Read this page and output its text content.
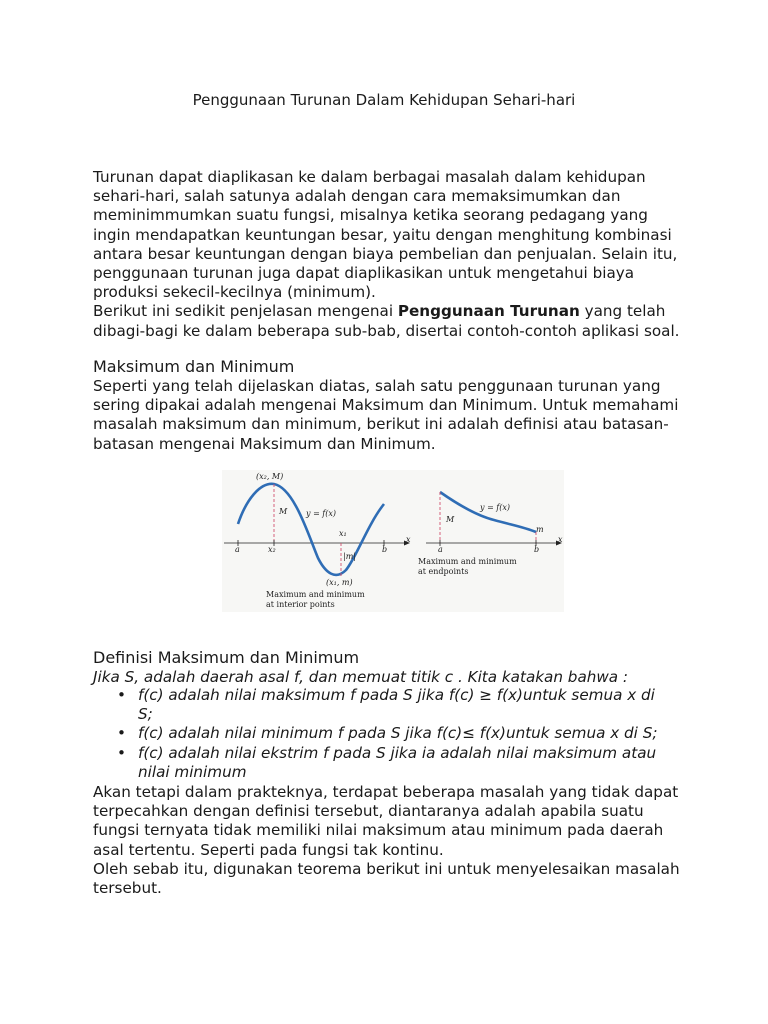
Penggunaan Turunan Dalam Kehidupan Sehari-hari

Turunan dapat diaplikasan ke dalam berbagai masalah dalam kehidupan

sehari-hari, salah satunya adalah dengan cara memaksimumkan dan

meminimmumkan suatu fungsi, misalnya ketika seorang pedagang yang

ingin mendapatkan keuntungan besar, yaitu dengan menghitung kombinasi

antara besar keuntungan dengan biaya pembelian dan penjualan. Selain itu,

penggunaan turunan juga dapat diaplikasikan untuk mengetahui biaya

produksi sekecil-kecilnya (minimum).

Berikut ini sedikit penjelasan mengenai Penggunaan Turunan yang telah

dibagi-bagi ke dalam beberapa sub-bab, disertai contoh-contoh aplikasi soal.

Maksimum dan Minimum

Seperti yang telah dijelaskan diatas, salah satu penggunaan turunan yang

sering dipakai adalah mengenai Maksimum dan Minimum. Untuk memahami

masalah maksimum dan minimum, berikut ini adalah definisi atau batasan-

batasan mengenai Maksimum dan Minimum.

x
(x₂, M)
M y = f(x)
x₁
|m|
(x₁, m)
a	x₂	b
Maximum and minimum
at interior points
x
M
y = f(x)
m
a	b
Maximum and minimum
at endpoints
Definisi Maksimum dan Minimum

Jika S, adalah daerah asal f, dan memuat titik c . Kita katakan bahwa :

• f(c) adalah nilai maksimum f pada S jika f(c) ≥ f(x)untuk semua x di
S;
• f(c) adalah nilai minimum f pada S jika f(c)≤ f(x)untuk semua x di S;
• f(c) adalah nilai ekstrim f pada S jika ia adalah nilai maksimum atau
nilai minimum

Akan tetapi dalam prakteknya, terdapat beberapa masalah yang tidak dapat

terpecahkan dengan definisi tersebut, diantaranya adalah apabila suatu

fungsi ternyata tidak memiliki nilai maksimum atau minimum pada daerah

asal tertentu. Seperti pada fungsi tak kontinu.

Oleh sebab itu, digunakan teorema berikut ini untuk menyelesaikan masalah

tersebut.
